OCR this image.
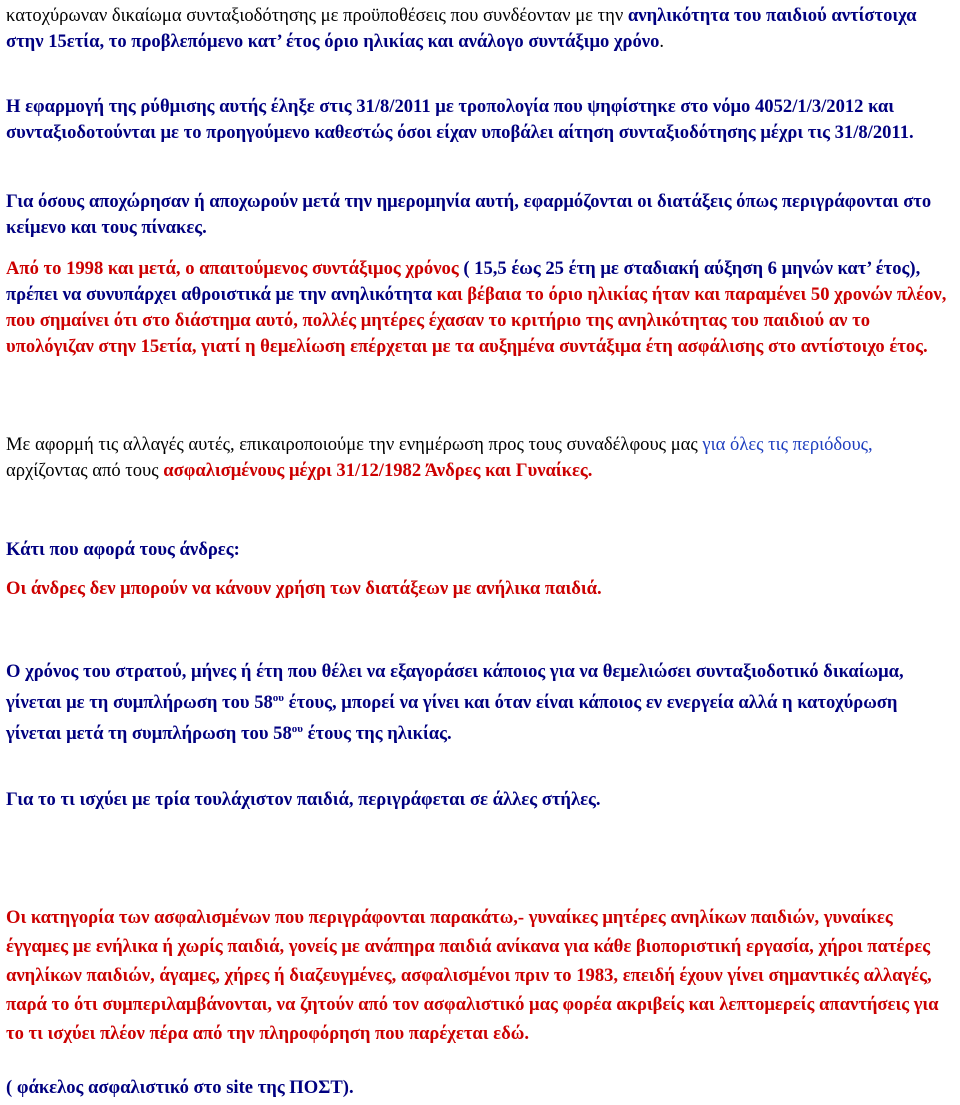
κατοχύρωναν δικαίωμα συνταξιοδότησης με προϋποθέσεις που συνδέονταν με την ανηλικότητα του παιδιού αντίστοιχα στην 15ετία, το προβλεπόμενο κατ’ έτος όριο ηλικίας και ανάλογο συντάξιμο χρόνο.

Η εφαρμογή της ρύθμισης αυτής έληξε στις 31/8/2011 με τροπολογία που ψηφίστηκε στο νόμο 4052/1/3/2012 και συνταξιοδοτούνται με το προηγούμενο καθεστώς όσοι είχαν υποβάλει αίτηση συνταξιοδότησης μέχρι τις 31/8/2011.

Για όσους αποχώρησαν ή αποχωρούν μετά την ημερομηνία αυτή, εφαρμόζονται οι διατάξεις όπως περιγράφονται στο κείμενο και τους πίνακες.

Από το 1998 και μετά, ο απαιτούμενος συντάξιμος χρόνος ( 15,5 έως 25 έτη με σταδιακή αύξηση 6 μηνών κατ’ έτος), πρέπει να συνυπάρχει αθροιστικά με την ανηλικότητα και βέβαια το όριο ηλικίας ήταν και παραμένει 50 χρονών πλέον, που σημαίνει ότι στο διάστημα αυτό, πολλές μητέρες έχασαν το κριτήριο της ανηλικότητας του παιδιού αν το υπολόγιζαν στην 15ετία, γιατί η θεμελίωση επέρχεται με τα αυξημένα συντάξιμα έτη ασφάλισης στο αντίστοιχο έτος.

Με αφορμή τις αλλαγές αυτές, επικαιροποιούμε την ενημέρωση προς τους συναδέλφους μας για όλες τις περιόδους, αρχίζοντας από τους ασφαλισμένους μέχρι 31/12/1982 Άνδρες και Γυναίκες.

Κάτι που αφορά τους άνδρες:

Οι άνδρες δεν μπορούν να κάνουν χρήση των διατάξεων με ανήλικα παιδιά.

Ο χρόνος του στρατού, μήνες ή έτη που θέλει να εξαγοράσει κάποιος για να θεμελιώσει συνταξιοδοτικό δικαίωμα, γίνεται με τη συμπλήρωση του $58^{o\upsilon}$ έτους, μπορεί να γίνει και όταν είναι κάποιος εν ενεργεία αλλά η κατοχύρωση γίνεται μετά τη συμπλήρωση του $58^{o\upsilon}$ έτους της ηλικίας.

Για το τι ισχύει με τρία τουλάχιστον παιδιά, περιγράφεται σε άλλες στήλες.

Οι κατηγορία των ασφαλισμένων που περιγράφονται παρακάτω,- γυναίκες μητέρες ανηλίκων παιδιών, γυναίκες έγγαμες με ενήλικα ή χωρίς παιδιά, γονείς με ανάπηρα παιδιά ανίκανα για κάθε βιοποριστική εργασία, χήροι πατέρες ανηλίκων παιδιών, άγαμες, χήρες ή διαζευγμένες, ασφαλισμένοι πριν το 1983, επειδή έχουν γίνει σημαντικές αλλαγές, παρά το ότι συμπεριλαμβάνονται, να ζητούν από τον ασφαλιστικό μας φορέα ακριβείς και λεπτομερείς απαντήσεις για το τι ισχύει πλέον πέρα από την πληροφόρηση που παρέχεται εδώ.

( φάκελος ασφαλιστικό στο site της ΠΟΣΤ).
